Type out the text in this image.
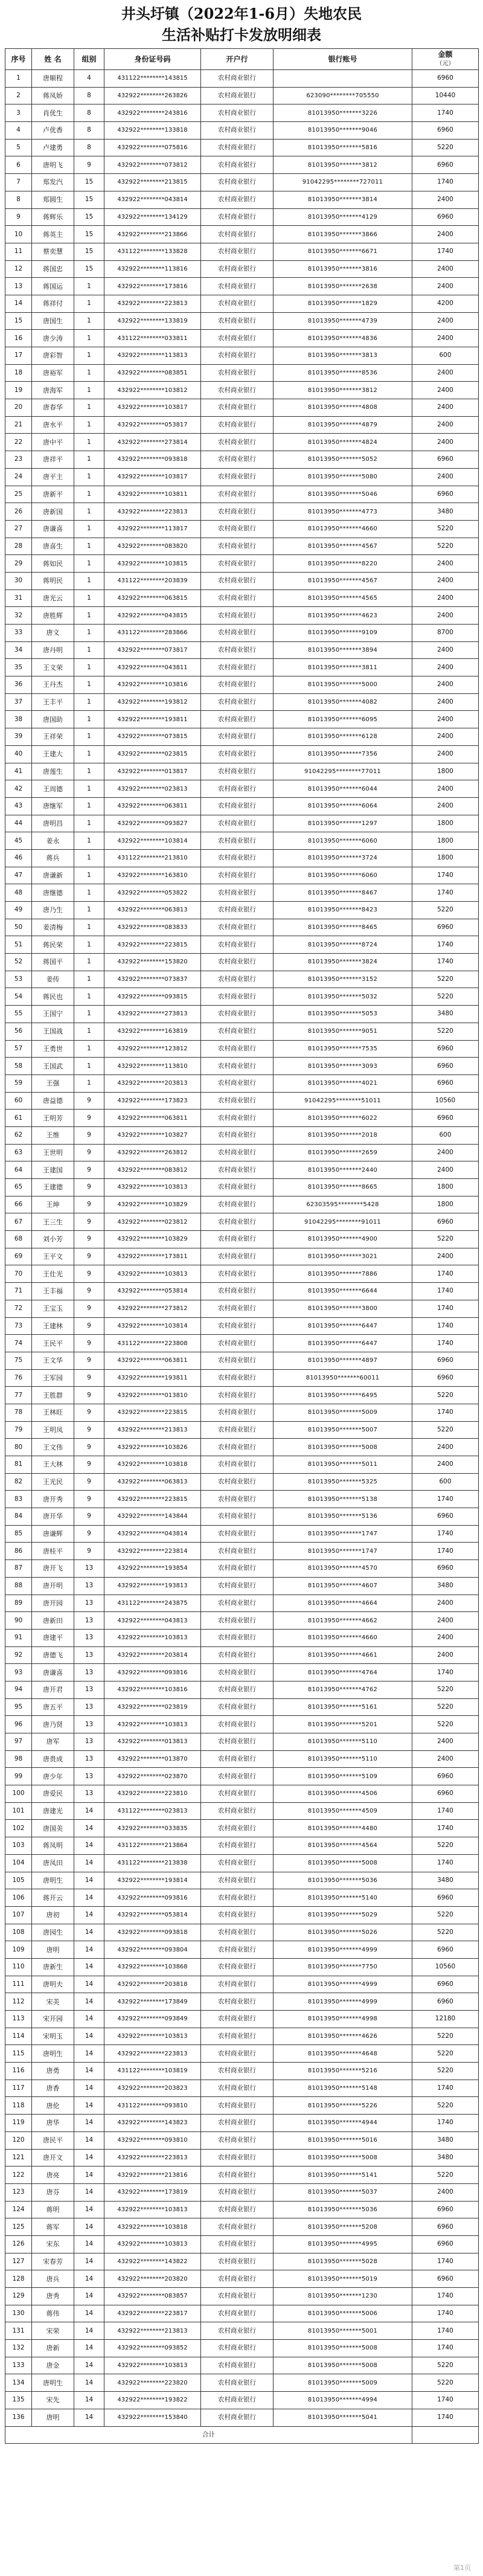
井头圩镇（2022年1-6月）失地农民
生活补贴打卡发放明细表
序号	姓 名	组别	身份证号码	开户行	银行账号	金额
（元）
1	唐顺程	4	431122********143815	农村商业银行		6960
2	蒋凤娇	8	432922********263826	农村商业银行	623090********705550	10440
3	肖优生	8	432922********243816	农村商业银行	81013950*******3226	1740
4	卢优香	8	432922********133818	农村商业银行	81013950*******9046	6960
5	卢建勇	8	432922********075816	农村商业银行	81013950*******5816	5220
6	唐明飞	9	432922********073812	农村商业银行	81013950*******3812	6960
7	郑发汽	15	432922********213815	农村商业银行	91042295********727011	1740
8	郑圆生	15	432922********043814	农村商业银行	81013950*******3814	2400
9	蒋辉乐	15	432922********134129	农村商业银行	81013950*******4129	6960
10	蒋英主	15	432922********213866	农村商业银行	81013950*******3866	2400
11	蔡奕慧	15	431122********133828	农村商业银行	81013950*******6671	1740
12	蒋国忠	15	432922********113816	农村商业银行	81013950*******3816	2400
13	蒋国运	1	432922********173816	农村商业银行	81013950*******2638	2400
14	蒋祥付	1	432922********223813	农村商业银行	81013950*******1829	4200
15	唐国生	1	432922********133819	农村商业银行	81013950*******4739	2400
16	唐少涛	1	431122********033811	农村商业银行	81013950*******4836	2400
17	唐彩智	1	432922********113813	农村商业银行	81013950*******3813	600
18	唐裕军	1	432922********083851	农村商业银行	81013950*******8536	2400
19	唐海军	1	432922********103812	农村商业银行	81013950*******3812	2400
20	唐春华	1	432922********103817	农村商业银行	81013950*******4808	2400
21	唐水平	1	432922********053817	农村商业银行	81013950*******4879	2400
22	唐中平	1	432922********273814	农村商业银行	81013950*******4824	2400
23	唐祥平	1	432922********093818	农村商业银行	81013950*******5052	6960
24	唐平主	1	432922********103817	农村商业银行	81013950*******5080	2400
25	唐新平	1	432922********103811	农村商业银行	81013950*******5046	6960
26	唐新国	1	432922********223813	农村商业银行	81013950*******4773	3480
27	唐谦喜	1	432922********113817	农村商业银行	81013950*******4660	5220
28	唐喜生	1	432922********083820	农村商业银行	81013950*******4567	5220
29	蒋如民	1	432922********103815	农村商业银行	81013950*******8220	2400
30	蒋明民	1	431122********203839	农村商业银行	81013950*******4567	2400
31	唐光云	1	432922********063815	农村商业银行	81013950*******4565	2400
32	唐胜辉	1	432922********043815	农村商业银行	81013950*******4623	2400
33	唐文	1	431122********283866	农村商业银行	81013950*******9109	8700
34	唐丹明	1	432922********073817	农村商业银行	81013950*******3894	2400
35	王文荣	1	432922********043811	农村商业银行	81013950*******3811	2400
36	王丹杰	1	432922********103816	农村商业银行	81013950*******5000	2400
37	王丰平	1	432922********193812	农村商业银行	81013950*******4082	2400
38	唐国助	1	432922********193811	农村商业银行	81013950*******6095	2400
39	王祥荣	1	432922********073815	农村商业银行	81013950*******6128	2400
40	王建大	1	432922********023815	农村商业银行	81013950*******7356	2400
41	唐莲生	1	432922********013817	农村商业银行	91042295********77011	1800
42	王周德	1	432922********023813	农村商业银行	81013950*******6044	2400
43	唐继军	1	432922********063811	农村商业银行	81013950*******6064	2400
44	唐明昌	1	432922********093827	农村商业银行	81013950*******1297	1800
45	姜永	1	432922********103814	农村商业银行	81013950*******6060	1800
46	蒋兵	1	431122********213810	农村商业银行	81013950*******3724	1800
47	唐谦新	1	432922********163810	农村商业银行	81013950*******6060	1740
48	唐继德	1	432922********053822	农村商业银行	81013950*******8467	1740
49	唐乃生	1	432922********063813	农村商业银行	81013950*******8423	5220
50	姜清梅	1	432922********083833	农村商业银行	81013950*******8465	6960
51	蒋民荣	1	432922********223815	农村商业银行	81013950*******8724	1740
52	蒋国平	1	432922********153820	农村商业银行	81013950*******3824	1740
53	姜传	1	432922********073837	农村商业银行	81013950*******3152	5220
54	蒋民也	1	432922********093815	农村商业银行	81013950*******5032	5220
55	王国宁	1	432922********273813	农村商业银行	81013950*******5053	3480
56	王国战	1	432922********163819	农村商业银行	81013950*******9051	5220
57	王勇世	1	432922********123812	农村商业银行	81013950*******7535	6960
58	王国武	1	432922********113810	农村商业银行	81013950*******3093	6960
59	王强	1	432922********203813	农村商业银行	81013950*******4021	6960
60	唐益德	9	432922********173823	农村商业银行	91042295********51011	10560
61	王明芳	9	432922********063811	农村商业银行	81013950*******6022	6960
62	王维	9	432922********103827	农村商业银行	81013950*******2018	600
63	王世明	9	432922********263812	农村商业银行	81013950*******2659	2400
64	王建国	9	432922********083812	农村商业银行	81013950*******2440	2400
65	王建德	9	432922********103813	农村商业银行	81013950*******8665	1800
66	王坤	9	432922********103829	农村商业银行	62303595********5428	1800
67	王三生	9	432922********023812	农村商业银行	91042295********91011	6960
68	刘小芳	9	432922********103829	农村商业银行	81013950*******4900	5220
69	王平文	9	432922********173811	农村商业银行	81013950*******3021	2400
70	王仕光	9	432922********103813	农村商业银行	81013950*******7886	1740
71	王丰福	9	432922********053814	农村商业银行	81013950*******6644	1740
72	王宝玉	9	432922********273812	农村商业银行	81013950*******3800	1740
73	王建林	9	432922********103814	农村商业银行	81013950*******6447	1740
74	王民平	9	431122********223808	农村商业银行	81013950*******6447	1740
75	王文华	9	432922********063811	农村商业银行	81013950*******4897	6960
76	王军园	9	432922********193811	农村商业银行	81013950*******60011	6960
77	王胜群	9	432922********013810	农村商业银行	81013950*******6495	5220
78	王林旺	9	432922********223815	农村商业银行	81013950*******5009	1740
79	王明凤	9	432922********213813	农村商业银行	81013950*******5007	5220
80	王文伟	9	432922********103826	农村商业银行	81013950*******5008	2400
81	王大林	9	432922********103818	农村商业银行	81013950*******5011	2400
82	王光民	9	432922********063813	农村商业银行	81013950*******5325	600
83	唐开秀	9	432922********223815	农村商业银行	81013950*******5138	1740
84	唐开华	9	432922********143844	农村商业银行	81013950*******5136	6960
85	唐谦辉	9	432922********043814	农村商业银行	81013950*******1747	1740
86	唐桂平	9	432922********223814	农村商业银行	81013950*******1747	1740
87	唐开飞	13	432922********193854	农村商业银行	81013950*******4570	6960
88	唐开明	13	432922********193813	农村商业银行	81013950*******4607	3480
89	唐开园	13	431122********243875	农村商业银行	81013950*******4664	2400
90	唐新田	13	432922********043813	农村商业银行	81013950*******4662	2400
91	唐建平	13	432922********103813	农村商业银行	81013950*******4660	2400
92	唐德飞	13	432922********203814	农村商业银行	81013950*******4661	2400
93	唐谦喜	13	432922********093816	农村商业银行	81013950*******4764	1740
94	唐开君	13	432922********103816	农村商业银行	81013950*******4762	5220
95	唐五平	13	432922********023819	农村商业银行	81013950*******5161	5220
96	唐乃贤	13	432922********103813	农村商业银行	81013950*******5201	5220
97	唐军	13	432922********013813	农村商业银行	81013950*******5110	2400
98	唐贵成	13	432922********013870	农村商业银行	81013950*******5110	2400
99	唐少年	13	432922********023870	农村商业银行	81013950*******5109	6960
100	唐爱民	13	432922********223810	农村商业银行	81013950*******4506	6960
101	唐建光	14	431122********023813	农村商业银行	81013950*******4509	1740
102	唐国美	14	432922********033835	农村商业银行	81013950*******4480	1740
103	蒋凤明	14	431122********213864	农村商业银行	81013950*******4564	5220
104	唐凤田	14	431122********213838	农村商业银行	81013950*******5008	1740
105	唐明生	14	432922********193814	农村商业银行	81013950*******5036	3480
106	蒋开云	14	432922********093816	农村商业银行	81013950*******5140	6960
107	唐初	14	432922********053814	农村商业银行	81013950*******5029	5220
108	唐园生	14	432922********093818	农村商业银行	81013950*******5026	5220
109	唐明	14	432922********093804	农村商业银行	81013950*******4999	6960
110	唐新生	14	432922********103868	农村商业银行	81013950*******7750	10560
111	唐明夫	14	432922********203818	农村商业银行	81013950*******4999	6960
112	宋美	14	432922********173849	农村商业银行	81013950*******4999	6960
113	宋开园	14	432922********093849	农村商业银行	81013950*******4998	12180
114	宋明玉	14	432922********103813	农村商业银行	81013950*******4626	5220
115	唐明生	14	432922********223813	农村商业银行	81013950*******4648	5220
116	唐勇	14	431122********103819	农村商业银行	81013950*******5216	5220
117	唐香	14	432922********203823	农村商业银行	81013950*******5148	1740
118	唐伦	14	431122********093810	农村商业银行	81013950*******5226	5220
119	唐华	14	432922********143823	农村商业银行	81013950*******4944	1740
120	唐民平	14	432922********093810	农村商业银行	81013950*******5016	3480
121	唐开文	14	432922********223813	农村商业银行	81013950*******5008	3480
122	唐亮	14	432922********213816	农村商业银行	81013950*******5141	5220
123	唐芬	14	432922********173819	农村商业银行	81013950*******5037	2400
124	蒋明	14	432922********103813	农村商业银行	81013950*******5036	6960
125	蒋军	14	432922********103818	农村商业银行	81013950*******5208	6960
126	宋东	14	432922********103813	农村商业银行	81013950*******4995	6960
127	宋春芳	14	432922********143822	农村商业银行	81013950*******5028	1740
128	唐兵	14	432922********203820	农村商业银行	81013950*******5019	6960
129	唐秀	14	432922********083857	农村商业银行	81013950*******1230	1740
130	蒋伟	14	432922********223817	农村商业银行	81013950*******5006	1740
131	宋荣	14	432922********213813	农村商业银行	81013950*******5001	1740
132	唐新	14	432922********093852	农村商业银行	81013950*******5008	1740
133	唐金	14	432922********103813	农村商业银行	81013950*******5008	5220
134	唐明生	14	432922********223820	农村商业银行	81013950*******5009	5220
135	宋先	14	432922********193822	农村商业银行	81013950*******4994	1740
136	唐明	14	432922********153840	农村商业银行	81013950*******5041	1740
合计						
第1页
